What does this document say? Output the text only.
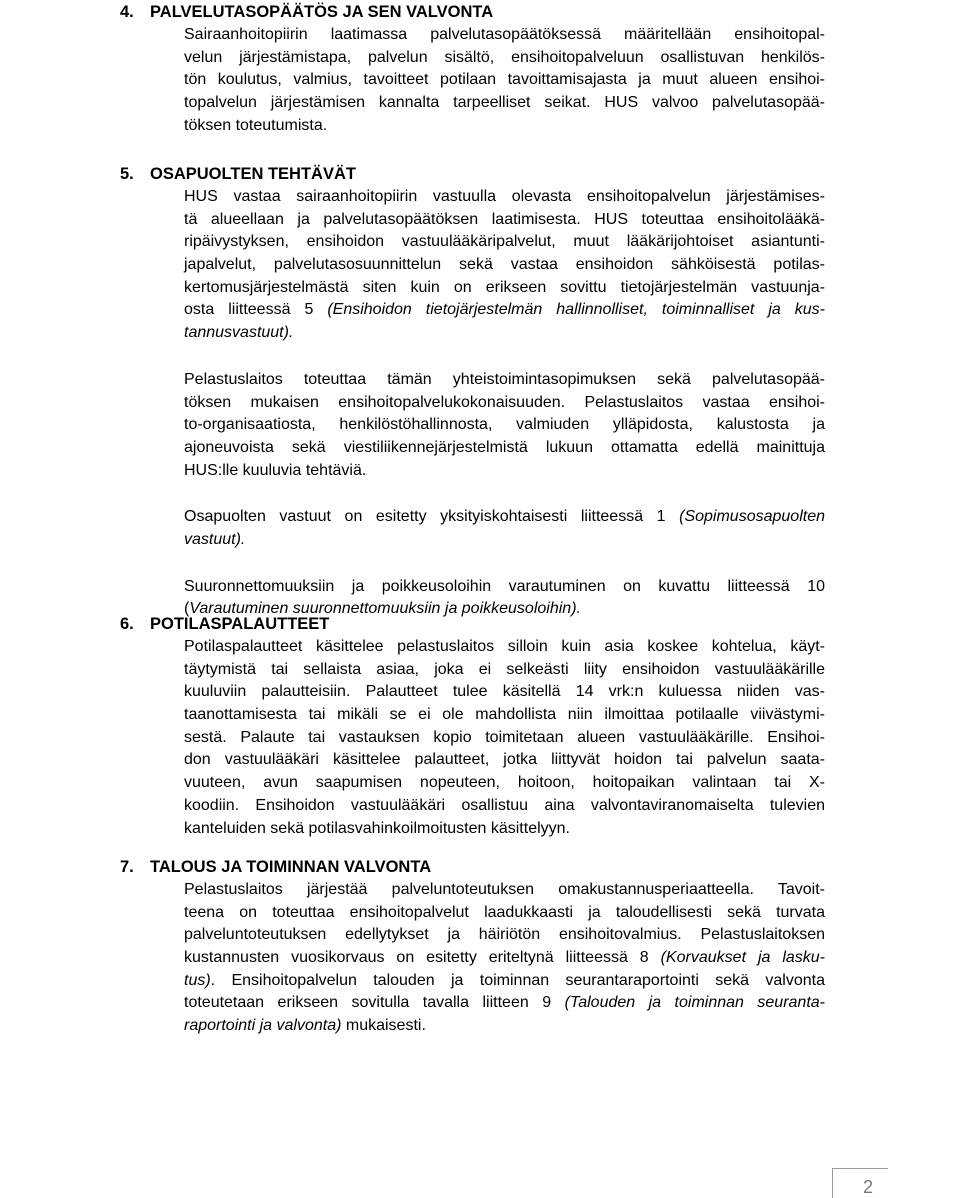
4. PALVELUTASOPÄÄTÖS JA SEN VALVONTA
Sairaanhoitopiirin laatimassa palvelutasopäätöksessä määritellään ensihoitopal-
velun järjestämistapa, palvelun sisältö, ensihoitopalveluun osallistuvan henkilös-
tön koulutus, valmius, tavoitteet potilaan tavoittamisajasta ja muut alueen ensihoi-
topalvelun järjestämisen kannalta tarpeelliset seikat. HUS valvoo palvelutasopää-
töksen toteutumista.
5. OSAPUOLTEN TEHTÄVÄT
HUS vastaa sairaanhoitopiirin vastuulla olevasta ensihoitopalvelun järjestämises-
tä alueellaan ja palvelutasopäätöksen laatimisesta. HUS toteuttaa ensihoitolääkä-
ripäivystyksen, ensihoidon vastuulääkäripalvelut, muut lääkärijohtoiset asiantunti-
japalvelut, palvelutasosuunnittelun sekä vastaa ensihoidon sähköisestä potilas-
kertomusjärjestelmästä siten kuin on erikseen sovittu tietojärjestelmän vastuunja-
osta liitteessä 5 (Ensihoidon tietojärjestelmän hallinnolliset, toiminnalliset ja kus-
tannusvastuut).
Pelastuslaitos toteuttaa tämän yhteistoimintasopimuksen sekä palvelutasopää-
töksen mukaisen ensihoitopalvelukokonaisuuden. Pelastuslaitos vastaa ensihoi-
to-organisaatiosta, henkilöstöhallinnosta, valmiuden ylläpidosta, kalustosta ja
ajoneuvoista sekä viestiliikennejärjestelmistä lukuun ottamatta edellä mainittuja
HUS:lle kuuluvia tehtäviä.
Osapuolten vastuut on esitetty yksityiskohtaisesti liitteessä 1 (Sopimusosapuolten
vastuut).
Suuronnettomuuksiin ja poikkeusoloihin varautuminen on kuvattu liitteessä 10
(Varautuminen suuronnettomuuksiin ja poikkeusoloihin).
6. POTILASPALAUTTEET
Potilaspalautteet käsittelee pelastuslaitos silloin kuin asia koskee kohtelua, käyt-
täytymistä tai sellaista asiaa, joka ei selkeästi liity ensihoidon vastuulääkärille
kuuluviin palautteisiin. Palautteet tulee käsitellä 14 vrk:n kuluessa niiden vas-
taanottamisesta tai mikäli se ei ole mahdollista niin ilmoittaa potilaalle viivästymi-
sestä. Palaute tai vastauksen kopio toimitetaan alueen vastuulääkärille. Ensihoi-
don vastuulääkäri käsittelee palautteet, jotka liittyvät hoidon tai palvelun saata-
vuuteen, avun saapumisen nopeuteen, hoitoon, hoitopaikan valintaan tai X-
koodiin. Ensihoidon vastuulääkäri osallistuu aina valvontaviranomaiselta tulevien
kanteluiden sekä potilasvahinkoilmoitusten käsittelyyn.
7. TALOUS JA TOIMINNAN VALVONTA
Pelastuslaitos järjestää palveluntoteutuksen omakustannusperiaatteella. Tavoit-
teena on toteuttaa ensihoitopalvelut laadukkaasti ja taloudellisesti sekä turvata
palveluntoteutuksen edellytykset ja häiriötön ensihoitovalmius. Pelastuslaitoksen
kustannusten vuosikorvaus on esitetty eriteltynä liitteessä 8 (Korvaukset ja lasku-
tus). Ensihoitopalvelun talouden ja toiminnan seurantaraportointi sekä valvonta
toteutetaan erikseen sovitulla tavalla liitteen 9 (Talouden ja toiminnan seuranta-
raportointi ja valvonta) mukaisesti.
2
